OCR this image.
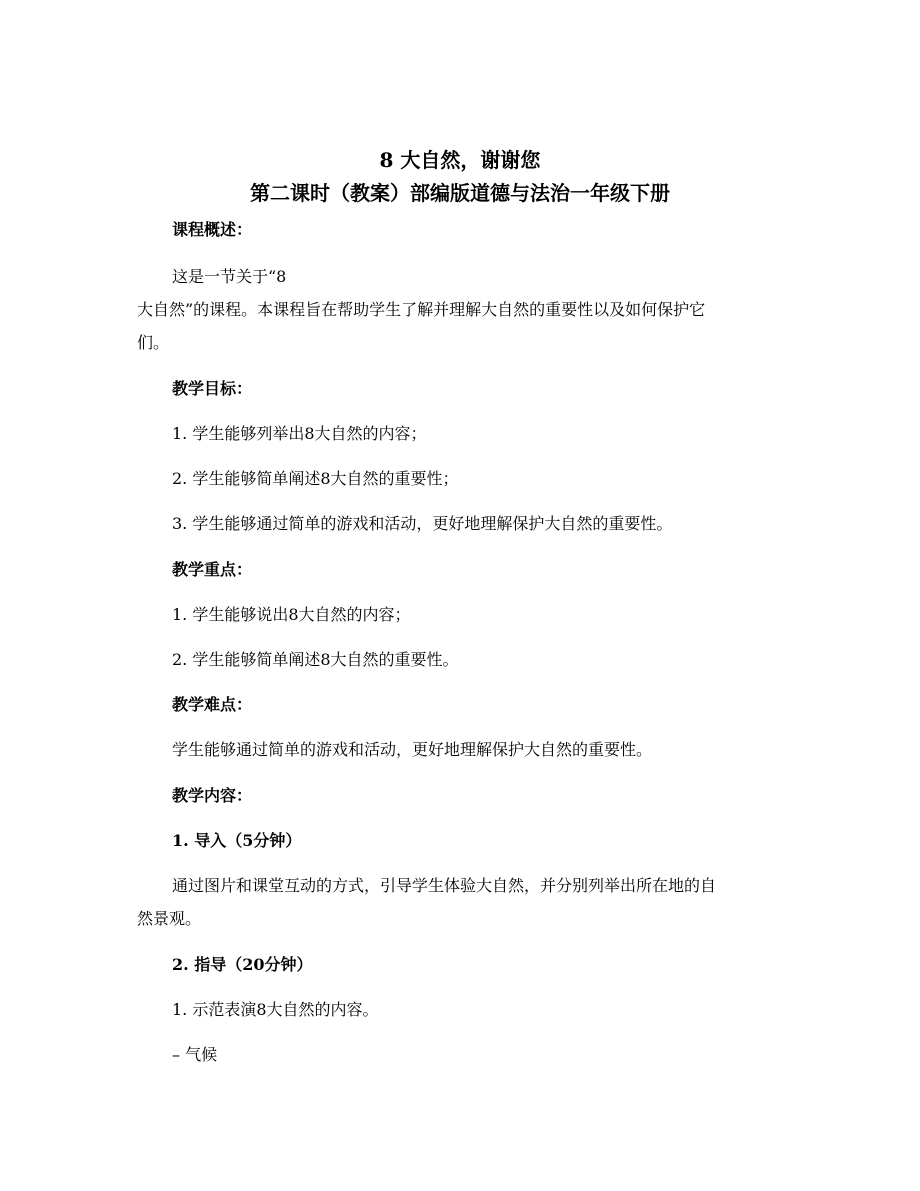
8 大自然，谢谢您
第二课时（教案）部编版道德与法治一年级下册
课程概述：
这是一节关于“8
大自然”的课程。本课程旨在帮助学生了解并理解大自然的重要性以及如何保护它
们。
教学目标：
1. 学生能够列举出8大自然的内容；
2. 学生能够简单阐述8大自然的重要性；
3. 学生能够通过简单的游戏和活动，更好地理解保护大自然的重要性。
教学重点：
1. 学生能够说出8大自然的内容；
2. 学生能够简单阐述8大自然的重要性。
教学难点：
学生能够通过简单的游戏和活动，更好地理解保护大自然的重要性。
教学内容：
1. 导入（5分钟）
通过图片和课堂互动的方式，引导学生体验大自然，并分别列举出所在地的自
然景观。
2. 指导（20分钟）
1. 示范表演8大自然的内容。
– 气候
